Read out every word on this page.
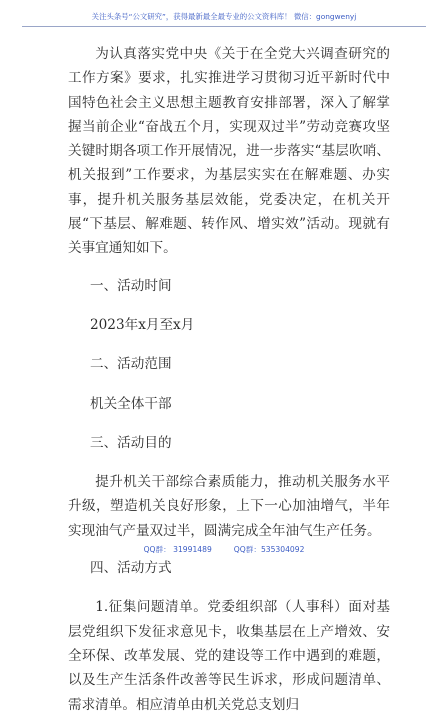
关注头条号“公文研究”，获得最新最全最专业的公文资料库！ 微信：gongwenyj

为认真落实党中央《关于在全党大兴调查研究的工作方案》要求，扎实推进学习贯彻习近平新时代中国特色社会主义思想主题教育安排部署，深入了解掌握当前企业“奋战五个月，实现双过半”劳动竞赛攻坚关键时期各项工作开展情况，进一步落实“基层吹哨、机关报到”工作要求，为基层实实在在解难题、办实事，提升机关服务基层效能，党委决定，在机关开展“下基层、解难题、转作风、增实效”活动。现就有关事宜通知如下。

一、活动时间

2023年x月至x月

二、活动范围

机关全体干部

三、活动目的

提升机关干部综合素质能力，推动机关服务水平升级，塑造机关良好形象，上下一心加油增气，半年实现油气产量双过半，圆满完成全年油气生产任务。

四、活动方式

1.征集问题清单。党委组织部（人事科）面对基层党组织下发征求意见卡，收集基层在上产增效、安全环保、改革发展、党的建设等工作中遇到的难题，以及生产生活条件改善等民生诉求，形成问题清单、需求清单。相应清单由机关党总支划归

QQ群： 31991489	QQ群：535304092
